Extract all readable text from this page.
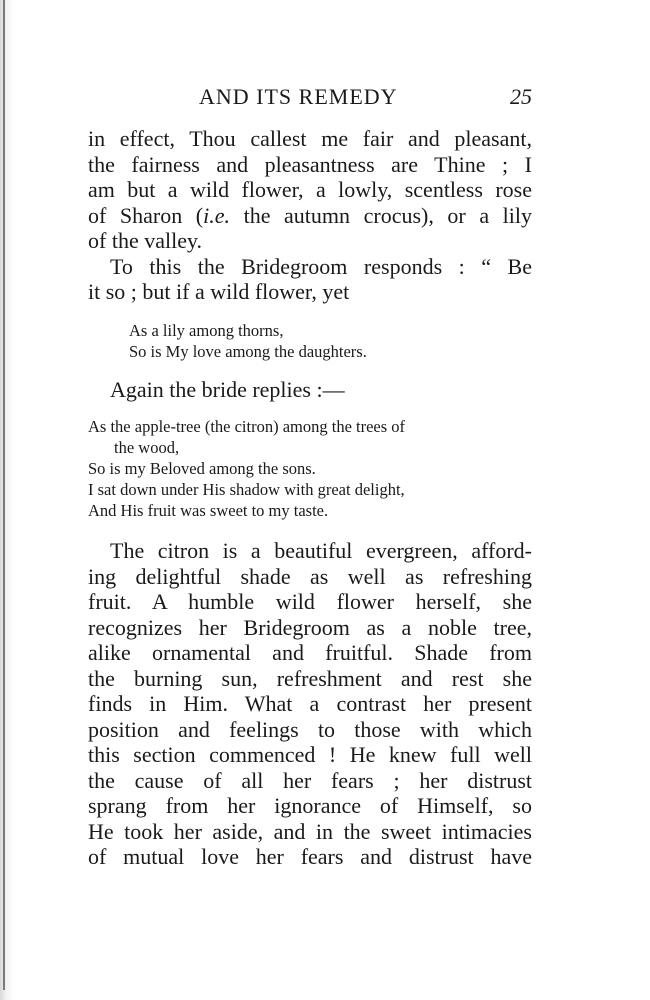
AND ITS REMEDY	25

in effect, Thou callest me fair and pleasant,
the fairness and pleasantness are Thine ; I
am but a wild flower, a lowly, scentless rose
of Sharon (i.e. the autumn crocus), or a lily
of the valley.

To this the Bridegroom responds : “ Be
it so ; but if a wild flower, yet

As a lily among thorns,
So is My love among the daughters.

Again the bride replies :—

As the apple-tree (the citron) among the trees of
the wood,
So is my Beloved among the sons.
I sat down under His shadow with great delight,
And His fruit was sweet to my taste.

The citron is a beautiful evergreen, afford-
ing delightful shade as well as refreshing
fruit. A humble wild flower herself, she
recognizes her Bridegroom as a noble tree,
alike ornamental and fruitful. Shade from
the burning sun, refreshment and rest she
finds in Him. What a contrast her present
position and feelings to those with which
this section commenced ! He knew full well
the cause of all her fears ; her distrust
sprang from her ignorance of Himself, so
He took her aside, and in the sweet intimacies
of mutual love her fears and distrust have
